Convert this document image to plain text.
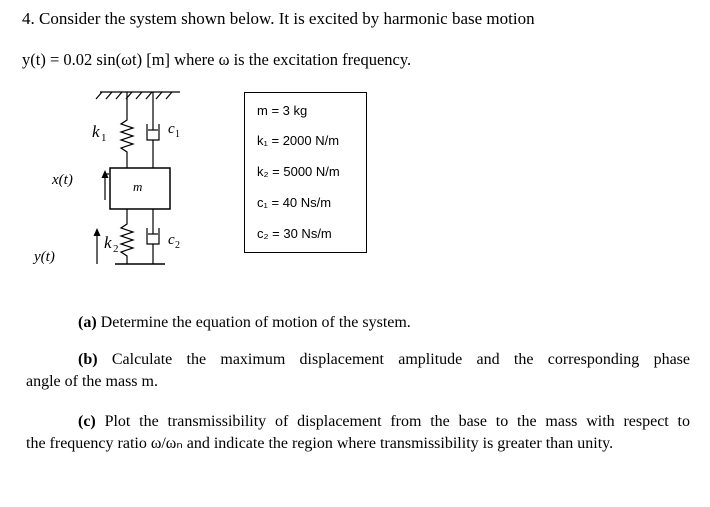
4. Consider the system shown below. It is excited by harmonic base motion
y(t) = 0.02 sin(ωt) [m] where ω is the excitation frequency.
k 1
c 1
m
x(t)
k 2
c 2
y(t)
m = 3 kg
k₁ = 2000 N/m
k₂ = 5000 N/m
c₁ = 40 Ns/m
c₂ = 30 Ns/m
(a) Determine the equation of motion of the system.
(b) Calculate the maximum displacement amplitude and the corresponding phase
angle of the mass m.
(c) Plot the transmissibility of displacement from the base to the mass with respect to
the frequency ratio ω/ωₙ and indicate the region where transmissibility is greater than unity.
